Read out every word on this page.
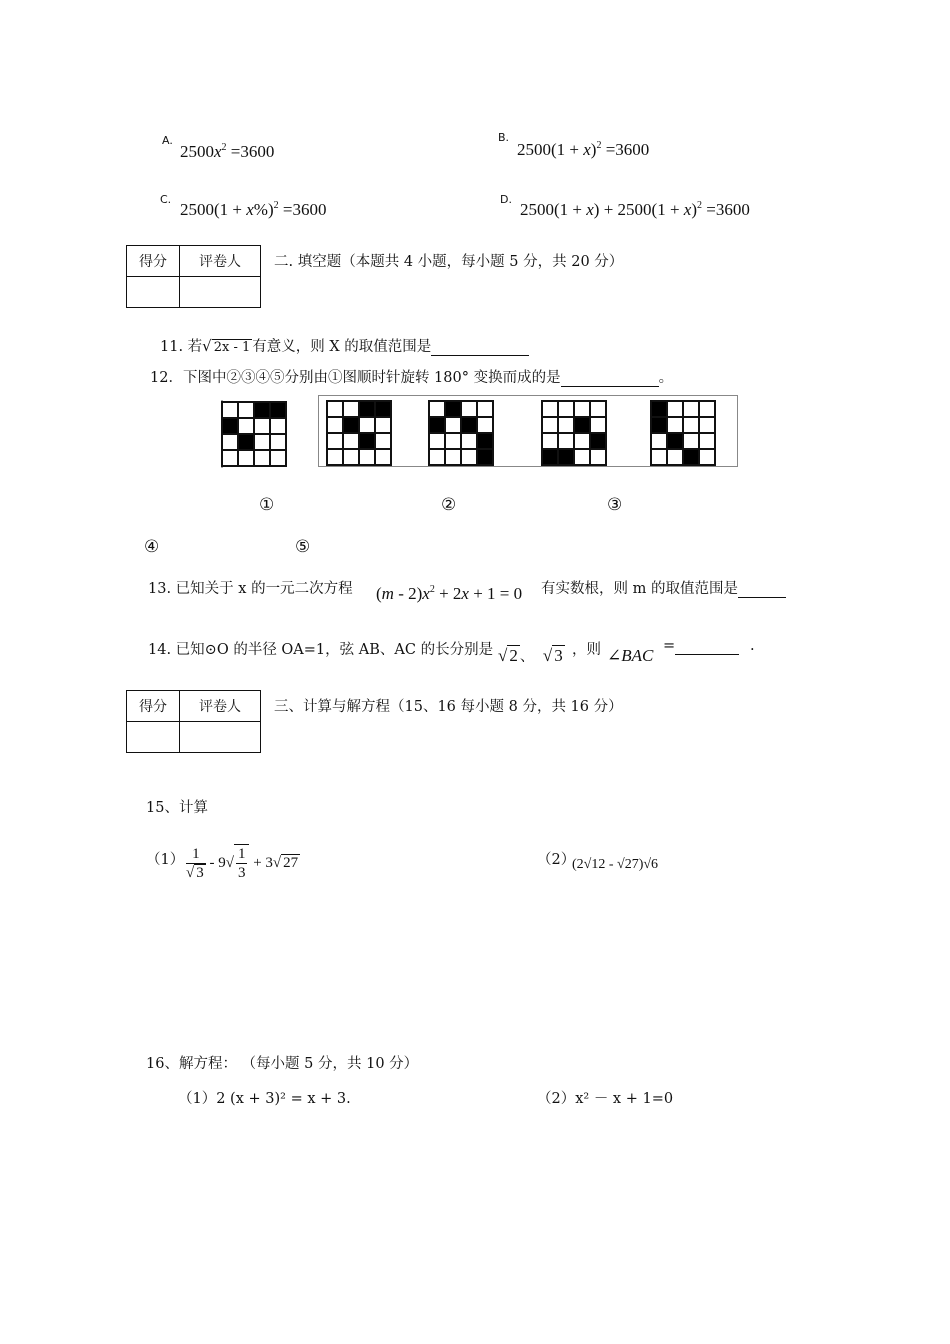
A.
$2500x^2 =3600$
B.
$2500(1 + x)^2 =3600$
C.
$2500(1 + x\%)^2 =3600$
D.
$2500(1 + x) + 2500(1 + x)^2 =3600$
得分	评卷人
	二. 填空题（本题共 4 小题，每小题 5 分，共 20 分）
11. 若√ 2x - 1 有意义，则 X 的取值范围是
12．下图中②③④⑤分别由①图顺时针旋转 180° 变换而成的是	。
①	②	③
④	⑤
13. 已知关于 x 的一元二次方程 $(m - 2)x^2 + 2x + 1 = 0$ 有实数根，则 m 的取值范围是
14. 已知⊙O 的半径 OA=1，弦 AB、AC 的长分别是 √ 2 、  √ 3 ，则 ∠BAC =	.
得分	评卷人
	三、计算与解方程（15、16 每小题 8 分，共 16 分）
15、计算
$(1) \frac{1}{√ 3} - 9√ \frac{1}{3} + 3√$ 27	（2）
(2√12 - √27)√6
16、解方程： （每小题 5 分，共 10 分）
（1）2 (x + 3)² = x + 3.	（2）x² － x + 1=0
